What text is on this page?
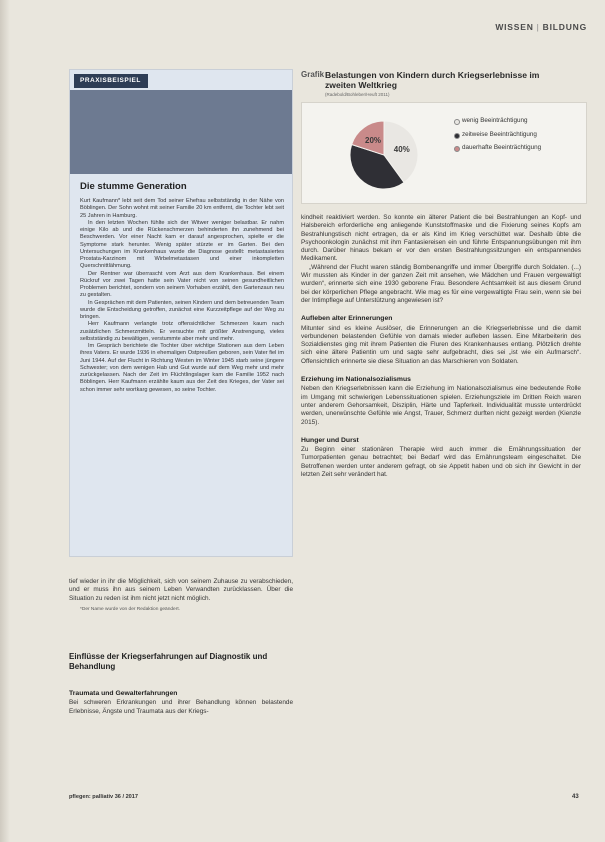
WISSEN | BILDUNG
PRAXISBEISPIEL
Die stumme Generation

Kurt Kaufmann* lebt seit dem Tod seiner Ehefrau selbstständig in der Nähe von Böblingen. Der Sohn wohnt mit seiner Familie 20 km entfernt, die Tochter lebt seit 25 Jahren in Hamburg.

In den letzten Wochen fühlte sich der Witwer weniger belastbar. Er nahm einige Kilo ab und die Rückenschmerzen behinderten ihn zunehmend bei Beschwerden. Vor einer Nacht kam er darauf angesprochen, spielte er die Symptome stark herunter. Wenig später stürzte er im Garten. Bei den Untersuchungen im Krankenhaus wurde die Diagnose gestellt: metastasiertes Prostata-Karzinom mit Wirbelmetastasen und einer inkompletten Querschnittlähmung.

Der Rentner war überrascht vom Arzt aus dem Krankenhaus. Bei einem Rückruf vor zwei Tagen hatte sein Vater nicht von seinen gesundheitlichen Problemen berichtet, sondern von seinem Vorhaben erzählt, den Gartenzaun neu zu gestalten.

In Gesprächen mit dem Patienten, seinen Kindern und dem betreuenden Team wurde die Entscheidung getroffen, zunächst eine Kurzzeitpflege auf der Weg zu bringen.

Herr Kaufmann verlangte trotz offensichtlicher Schmerzen kaum nach zusätzlichen Schmerzmitteln. Er versuchte mit größter Anstrengung, vieles selbstständig zu bewältigen, verstummte aber mehr und mehr.

Im Gespräch berichtete die Tochter über wichtige Stationen aus dem Leben ihres Vaters. Er wurde 1936 in ehemaligen Ostpreußen geboren, sein Vater fiel im Juni 1944. Auf der Flucht in Richtung Westen im Winter 1945 starb seine jüngere Schwester; von dem wenigen Hab und Gut wurde auf dem Weg mehr und mehr zurückgelassen. Nach der Zeit im Flüchtlingslager kam die Familie 1952 nach Böblingen. Herr Kaufmann erzählte kaum aus der Zeit des Krieges, der Vater sei schon immer sehr wortkarg gewesen, so seine Tochter.

*Der Name wurde von der Redaktion geändert.
Grafik Belastungen von Kindern durch Kriegserlebnisse im zweiten Weltkrieg
(Radebold/Bohleber/Heuft 2011)
40%
20%
wenig Beeinträchtigung
zeitweise Beeinträchtigung
dauerhafte Beeinträchtigung

tief wieder in ihr die Möglichkeit, sich von seinem Zuhause zu verabschieden, und er muss ihn aus seinem Leben Verwandten zurücklassen. Über die Situation zu reden ist ihm nicht jetzt nicht möglich.

Einflüsse der Kriegserfahrungen auf Diagnostik und Behandlung
Traumata und Gewalterfahrungen

Bei schweren Erkrankungen und ihrer Behandlung können belastende Erlebnisse, Ängste und Traumata aus der Kriegs-

kindheit reaktiviert werden. So konnte ein älterer Patient die bei Bestrahlungen an Kopf- und Halsbereich erforderliche eng anliegende Kunststoffmaske und die Fixierung seines Kopfs am Bestrahlungstisch nicht ertragen, da er als Kind im Krieg verschüttet war. Deshalb übte die Psychoonkologin zunächst mit ihm Fantasiereisen ein und führte Entspannungsübungen mit ihm durch. Darüber hinaus bekam er vor den ersten Bestrahlungssitzungen ein entspannendes Medikament.

„Während der Flucht waren ständig Bombenangriffe und immer Übergriffe durch Soldaten. (...) Wir mussten als Kinder in der ganzen Zeit mit ansehen, wie Mädchen und Frauen vergewaltigt wurden“, erinnerte sich eine 1930 geborene Frau. Besondere Achtsamkeit ist aus diesem Grund bei der körperlichen Pflege angebracht. Wie mag es für eine vergewaltigte Frau sein, wenn sie bei der Intimpflege auf Unterstützung angewiesen ist?

Aufleben alter Erinnerungen

Mitunter sind es kleine Auslöser, die Erinnerungen an die Kriegserlebnisse und die damit verbundenen belastenden Gefühle von damals wieder aufleben lassen. Eine Mitarbeiterin des Sozialdienstes ging mit ihrem Patienten die Fluren des Krankenhauses entlang. Plötzlich drehte sich eine ältere Patientin um und sagte sehr aufgebracht, dies sei „ist wie ein Aufmarsch“. Offensichtlich erinnerte sie diese Situation an das Marschieren von Soldaten.

Erziehung im Nationalsozialismus

Neben den Kriegserlebnissen kann die Erziehung im Nationalsozialismus eine bedeutende Rolle im Umgang mit schwierigen Lebenssituationen spielen. Erziehungsziele im Dritten Reich waren unter anderem Gehorsamkeit, Disziplin, Härte und Tapferkeit. Individualität musste unterdrückt werden, unerwünschte Gefühle wie Angst, Trauer, Schmerz durften nicht gezeigt werden (Kienzle 2015).

Hunger und Durst

Zu Beginn einer stationären Therapie wird auch immer die Ernährungssituation der Tumorpatienten genau betrachtet; bei Bedarf wird das Ernährungsteam eingeschaltet. Die Betroffenen werden unter anderem gefragt, ob sie Appetit haben und ob sich ihr Gewicht in der letzten Zeit sehr verändert hat.

pflegen: palliativ 36 / 2017	43
